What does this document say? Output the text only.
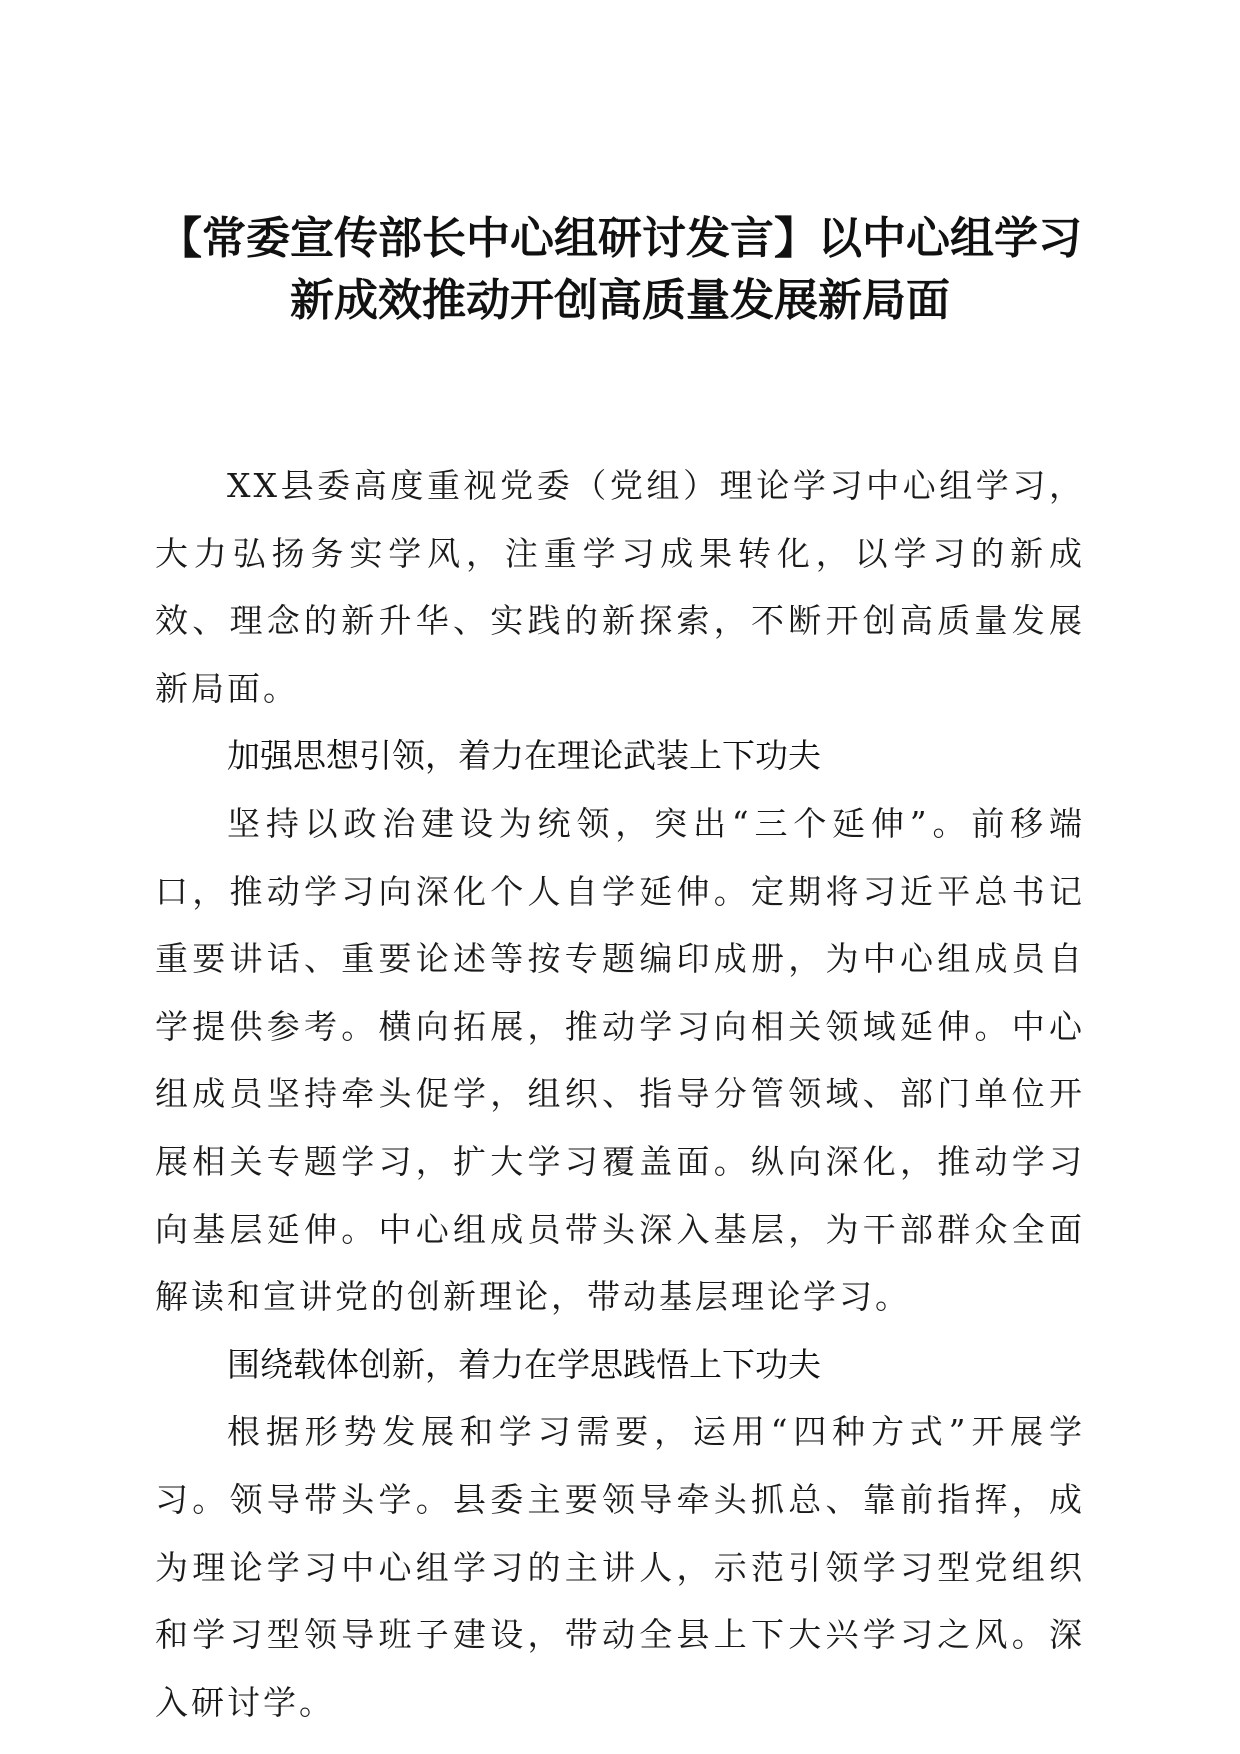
【常委宣传部长中心组研讨发言】以中心组学习新成效推动开创高质量发展新局面

XX县委高度重视党委（党组）理论学习中心组学习，大力弘扬务实学风，注重学习成果转化，以学习的新成效、理念的新升华、实践的新探索，不断开创高质量发展新局面。

加强思想引领，着力在理论武装上下功夫

坚持以政治建设为统领，突出“三个延伸”。前移端口，推动学习向深化个人自学延伸。定期将习近平总书记重要讲话、重要论述等按专题编印成册，为中心组成员自学提供参考。横向拓展，推动学习向相关领域延伸。中心组成员坚持牵头促学，组织、指导分管领域、部门单位开展相关专题学习，扩大学习覆盖面。纵向深化，推动学习向基层延伸。中心组成员带头深入基层，为干部群众全面解读和宣讲党的创新理论，带动基层理论学习。

围绕载体创新，着力在学思践悟上下功夫

根据形势发展和学习需要，运用“四种方式”开展学习。领导带头学。县委主要领导牵头抓总、靠前指挥，成为理论学习中心组学习的主讲人，示范引领学习型党组织和学习型领导班子建设，带动全县上下大兴学习之风。深入研讨学。
